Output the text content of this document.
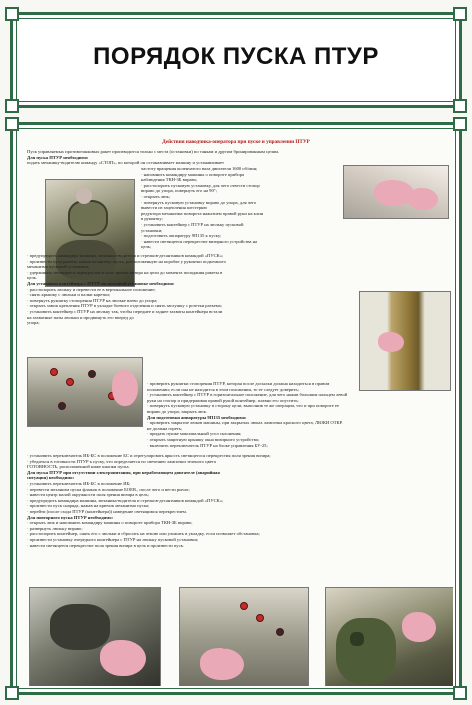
ПОРЯДОК ПУСКА ПТУР
Действия наводчика-оператора при пуске и управлении ПТУР
Пуск управляемых противотанковых ракет производится только с места (остановки) по танкам и другим бронированным целям.
Для пуска ПТУР необходимо:
подать механику-водителю команду «СТОП», по которой он останавливает машину и устанавливает
частоту вращения коленчатого вала двигателя 1600 об/мин;
· напомнить командиру машины о повороте прибора
наблюдения ТКН-3Б вправо;
· расстопорить пусковую установку, для чего отвести стопор
вправо до упора, повернуть его на 90°;
· открыть люк;
· повернуть пусковую установку вправо до упора, для чего
вывести из зацепления шестерню
редуктора механизма поворота нажатием правой руки на клин
в рукоятку;
· установить контейнер с ПТУР на люльку пусковой
установки;
· подготовить аппаратуру 9П135 к пуску;
· навести светящееся перекрестие визирного устройства на
цель;
· предупредить командира машины, механика-водителя и стрелков-десантников командой «ПУСК»;
· произвести пуск ракеты, нажав на кнопку пуска, расположенную на коробке у рукоятки подъемного
механизма пусковой установки;
· удерживать светящееся перекрестие в поле зрения визира на цели до момента попадания ракеты в
цель.
Для установки контейнера с ПТУР на пусковой установке необходимо:
· расстопорить люльку и перевести ее в вертикальное положение;
· снять крышку с люльки и палки каретки;
· повернуть рукоятку стопорения ПТУР на люльке влево до упора;
· открыть замок крепления ПТУР в укладке боевого отделения и снять заглушку с розетки разъема;
· установить контейнер с ПТУР на люльку так, чтобы переднее и заднее захваты контейнера встали
на захватные пазы люльки и продвинуть его вперед до
упора;
· проверить рукоятки стопорения ПТУР, которая после досылки должна находиться в правом
положении; если она не находится в этом положении, то ее следует доверить;
· установить контейнер с ПТУР в горизонтальное положение, для чего нажав большим пальцем левой
руки на стопор и придерживая правой рукой контейнер, плавно его опустить;
· повернуть пусковую установку в сторону цели, выполнив те же операции, что и при повороте ее
вправо до упора; закрыть люк.
Для подготовки аппаратуры 9П135 необходимо:
· проверить закрытие люков машины, при закрытых люках лампочка красного цвета, ЛЮКИ ОТКР.
не должна гореть;
· придать пушке максимальный угол склонения;
· открыть защитную крышку окна визирного устройства;
· включить переключатель ПТУР на блоке управления БУ-25;
· установить переключатель ИБ-БС в положение БС и отрегулировать яркость светящегося перекрестия поля зрения визира;
· убедиться в готовности ПТУР к пуску, что определяется по свечению лампочки зеленого цвета
ГОТОВНОСТЬ, расположенной ниже кнопки пуска.
Для пуска ПТУР при отсутствии электропитания, при неработающем двигателе (аварийная
ситуация) необходимо:
· установить переключатель ИБ-БС в положение ИБ;
· перевести механизм пуска флажок в положение БОЕВ., после чего и вести рычаг;
· навести центр малой окружности поля зрения визира в цель;
· предупредить командира машины, механика-водителя и стрелков-десантников командой «ПУСК»;
· произвести пуск снаряда, нажав на крючок механизма пуска;
· перейти (после схода ПТУР (контейнера)) наведение светящимся перекрестием.
Для повторного пуска ПТУР необходимо:
· открыть люк и напомнить командиру машины о повороте прибора ТКН-3Б вправо;
· развернуть люльку вправо;
· расстопорить контейнер, снять его с люльки и сбросить на землю или уложить в укладку, если позволяет обстановка;
· произвести установку очередного контейнера с ПТУР на люльку пусковой установки;
· навести светящееся перекрестие поля зрения визира в цель и произвести пуск.
